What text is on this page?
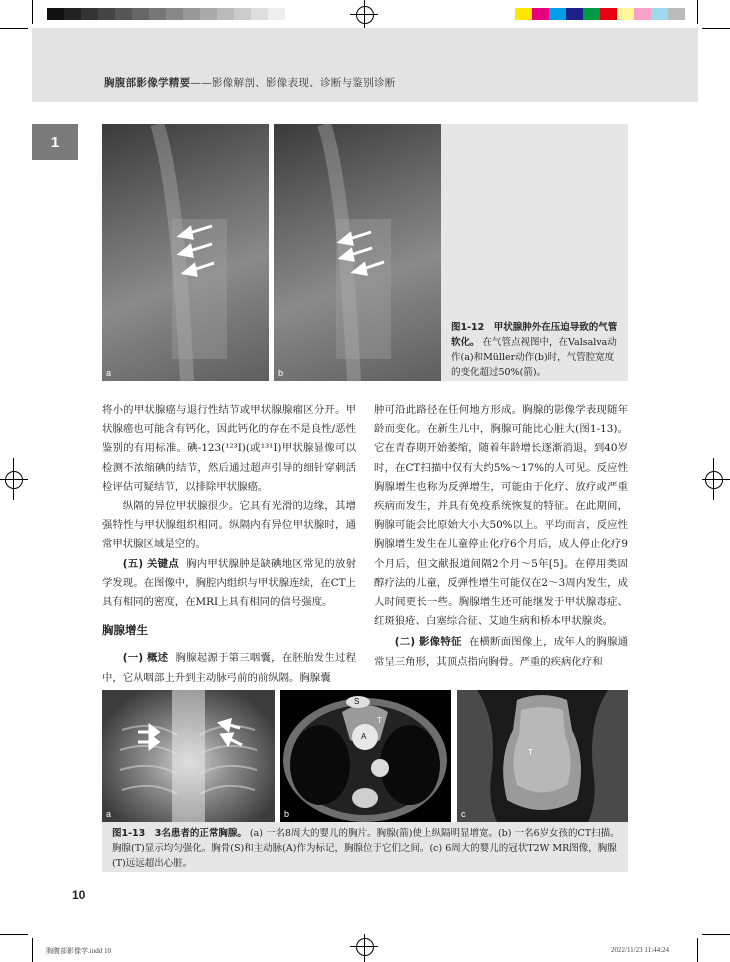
胸腹部影像学精要——影像解剖、影像表现、诊断与鉴别诊断
1
a	b
图1-12　甲状腺肿外在压迫导致的气管软化。 在气管点视图中，在Valsalva动作(a)和Müller动作(b)时，气管腔宽度的变化超过50%(箭)。

将小的甲状腺癌与退行性结节或甲状腺腺瘤区分开。甲状腺癌也可能含有钙化，因此钙化的存在不是良性/恶性鉴别的有用标准。碘-123(¹²³I)(或¹³¹I)甲状腺显像可以检测不浓缩碘的结节，然后通过超声引导的细针穿刺活检评估可疑结节，以排除甲状腺癌。

纵隔的异位甲状腺很少。它具有光滑的边缘，其增强特性与甲状腺组织相同。纵隔内有异位甲状腺时，通常甲状腺区域是空的。

(五) 关键点 胸内甲状腺肿是缺碘地区常见的放射学发现。在图像中，胸腔内组织与甲状腺连续，在CT上具有相同的密度，在MRI上具有相同的信号强度。

胸腺增生

(一) 概述 胸腺起源于第三咽囊，在胚胎发生过程中，它从咽部上升到主动脉弓前的前纵隔。胸腺囊

肿可沿此路径在任何地方形成。胸腺的影像学表现随年龄而变化。在新生儿中，胸腺可能比心脏大(图1-13)。它在青春期开始萎缩，随着年龄增长逐渐消退，到40岁时，在CT扫描中仅有大约5%～17%的人可见。反应性胸腺增生也称为反弹增生，可能由于化疗、放疗或严重疾病而发生，并具有免疫系统恢复的特征。在此期间，胸腺可能会比原始大小大50%以上。平均而言，反应性胸腺增生发生在儿童停止化疗6个月后，成人停止化疗9个月后，但文献报道间隔2个月～5年[5]。在停用类固醇疗法的儿童，反弹性增生可能仅在2～3周内发生，成人时间更长一些。胸腺增生还可能继发于甲状腺毒症、红斑狼疮、白塞综合征、艾迪生病和桥本甲状腺炎。

(二) 影像特征 在横断面图像上，成年人的胸腺通常呈三角形，其顶点指向胸骨。严重的疾病化疗和

a
S
T
A
b
T
c
图1-13　3名患者的正常胸腺。 (a) 一名8周大的婴儿的胸片。胸腺(箭)使上纵隔明显增宽。(b) 一名6岁女孩的CT扫描。胸腺(T)显示均匀强化。胸骨(S)和主动脉(A)作为标记，胸腺位于它们之间。(c) 6周大的婴儿的冠状T2W MR图像，胸腺(T)远远超出心脏。
10
胸腹部影像学.indd 10	2022/11/23 11:44:24
